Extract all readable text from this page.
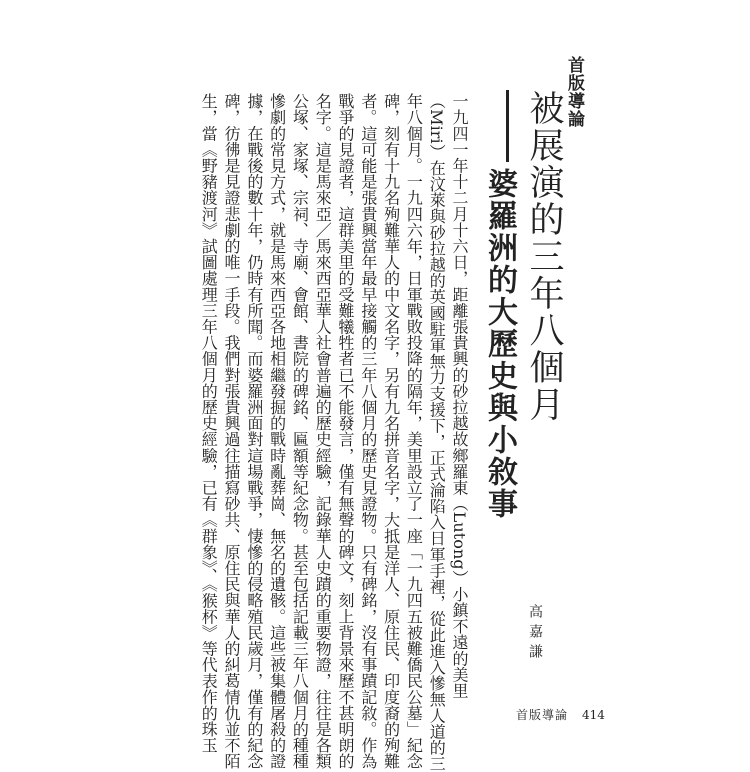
首版導論
被展演的三年八個月
婆羅洲的大歷史與小敘事
高嘉謙

一九四一年十二月十六日，距離張貴興的砂拉越故鄉羅東（Lutong）小鎮不遠的美里

（Miri）在汶萊與砂拉越的英國駐軍無力支援下，正式淪陷入日軍手裡，從此進入慘無人道的三

年八個月。一九四六年，日軍戰敗投降的隔年，美里設立了一座「一九四五被難僑民公墓」紀念

碑，刻有十九名殉難華人的中文名字，另有九名拼音名字，大抵是洋人、原住民、印度裔的殉難

者。這可能是張貴興當年最早接觸的三年八個月的歷史見證物。只有碑銘，沒有事蹟記敘。作為

戰爭的見證者，這群美里的受難犧牲者已不能發言，僅有無聲的碑文，刻上背景來歷不甚明朗的

名字。這是馬來亞／馬來西亞華人社會普遍的歷史經驗，記錄華人史蹟的重要物證，往往是各類

公塚、家塚、宗祠、寺廟、會館、書院的碑銘、匾額等紀念物。甚至包括記載三年八個月的種種

慘劇的常見方式，就是馬來西亞各地相繼發掘的戰時亂葬崗、無名的遺骸。這些被集體屠殺的證

據，在戰後的數十年，仍時有所聞。而婆羅洲面對這場戰爭，悽慘的侵略殖民歲月，僅有的紀念

碑，彷彿是見證悲劇的唯一手段。我們對張貴興過往描寫砂共、原住民與華人的糾葛情仇並不陌

生，當《野豬渡河》試圖處理三年八個月的歷史經驗，已有《群象》、《猴杯》等代表作的珠玉	首版導論 414
